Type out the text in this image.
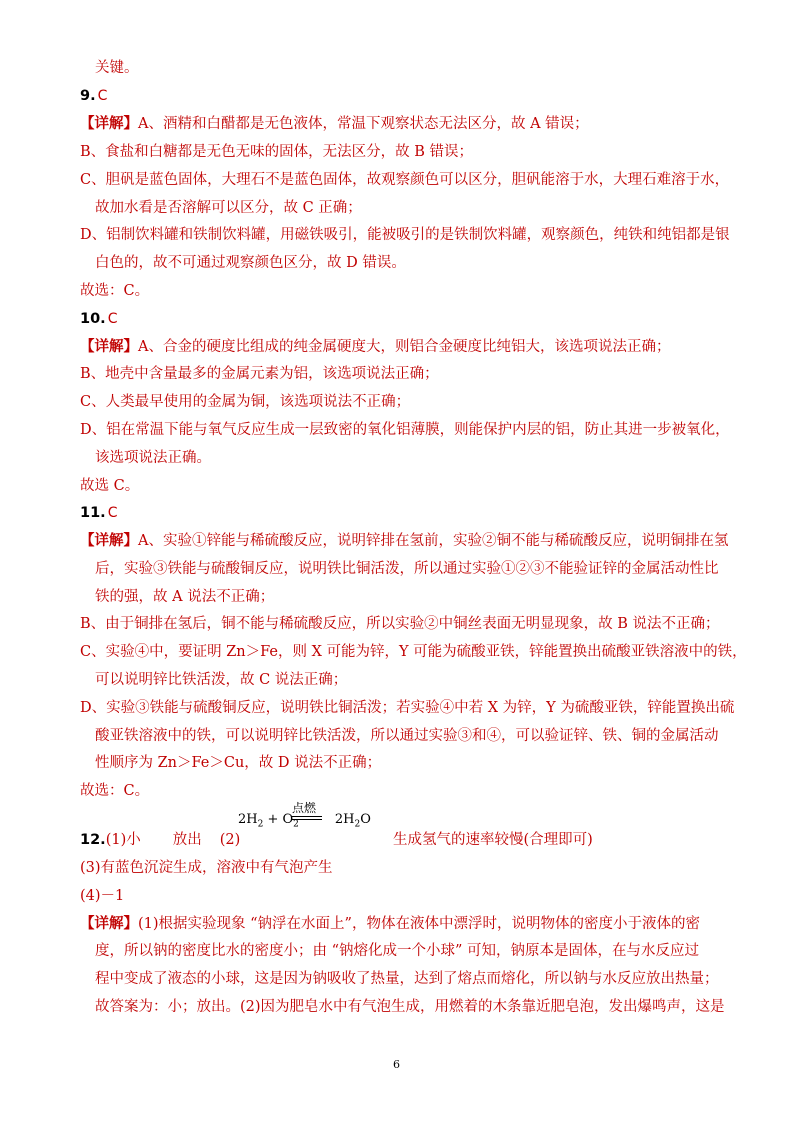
关键。
9. C
【详解】A、酒精和白醋都是无色液体，常温下观察状态无法区分，故 A 错误；
B、食盐和白糖都是无色无味的固体，无法区分，故 B 错误；
C、胆矾是蓝色固体，大理石不是蓝色固体，故观察颜色可以区分，胆矾能溶于水，大理石难溶于水，
故加水看是否溶解可以区分，故 C 正确；
D、铝制饮料罐和铁制饮料罐，用磁铁吸引，能被吸引的是铁制饮料罐，观察颜色，纯铁和纯铝都是银
白色的，故不可通过观察颜色区分，故 D 错误。
故选：C。
10. C
【详解】A、合金的硬度比组成的纯金属硬度大，则铝合金硬度比纯铝大，该选项说法正确；
B、地壳中含量最多的金属元素为铝，该选项说法正确；
C、人类最早使用的金属为铜，该选项说法不正确；
D、铝在常温下能与氧气反应生成一层致密的氧化铝薄膜，则能保护内层的铝，防止其进一步被氧化，
该选项说法正确。
故选 C。
11. C
【详解】A、实验①锌能与稀硫酸反应，说明锌排在氢前，实验②铜不能与稀硫酸反应，说明铜排在氢
后，实验③铁能与硫酸铜反应，说明铁比铜活泼，所以通过实验①②③不能验证锌的金属活动性比
铁的强，故 A 说法不正确；
B、由于铜排在氢后，铜不能与稀硫酸反应，所以实验②中铜丝表面无明显现象，故 B 说法不正确；
C、实验④中，要证明 Zn＞Fe，则 X 可能为锌，Y 可能为硫酸亚铁，锌能置换出硫酸亚铁溶液中的铁，
可以说明锌比铁活泼，故 C 说法正确；
D、实验③铁能与硫酸铜反应，说明铁比铜活泼；若实验④中若 X 为锌，Y 为硫酸亚铁，锌能置换出硫
酸亚铁溶液中的铁，可以说明锌比铁活泼，所以通过实验③和④，可以验证锌、铁、铜的金属活动
性顺序为 Zn＞Fe＞Cu，故 D 说法不正确；
故选：C。
12.(1)小 放出 (2)
点燃
$2H_2 + O_2$	$2H_2O$
生成氢气的速率较慢(合理即可)
(3)有蓝色沉淀生成，溶液中有气泡产生
(4)－1
【详解】(1)根据实验现象 “钠浮在水面上”，物体在液体中漂浮时，说明物体的密度小于液体的密
度，所以钠的密度比水的密度小；由 “钠熔化成一个小球” 可知，钠原本是固体，在与水反应过
程中变成了液态的小球，这是因为钠吸收了热量，达到了熔点而熔化，所以钠与水反应放出热量；
故答案为：小；放出。(2)因为肥皂水中有气泡生成，用燃着的木条靠近肥皂泡，发出爆鸣声，这是
6
